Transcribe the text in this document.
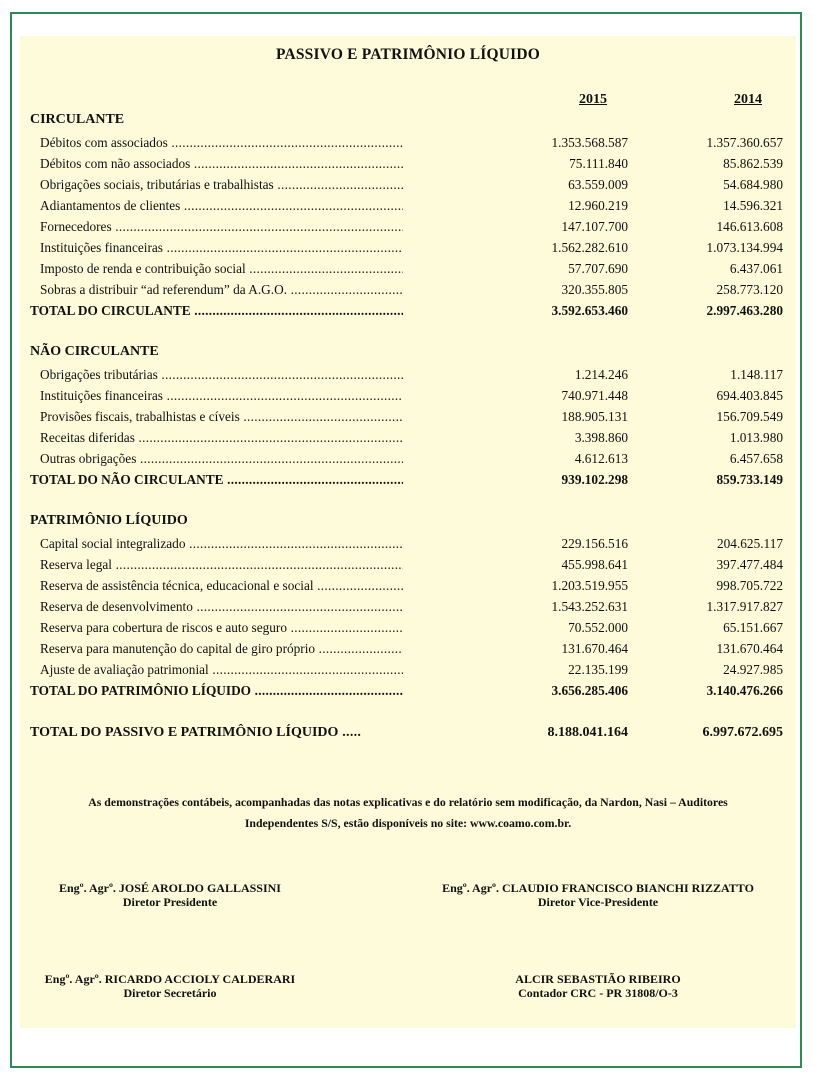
PASSIVO E PATRIMÔNIO LÍQUIDO
2015	2014
CIRCULANTE
Débitos com associados .....	1.353.568.587	1.357.360.657
Débitos com não associados .....	75.111.840	85.862.539
Obrigações sociais, tributárias e trabalhistas .....	63.559.009	54.684.980
Adiantamentos de clientes .....	12.960.219	14.596.321
Fornecedores .....	147.107.700	146.613.608
Instituições financeiras .....	1.562.282.610	1.073.134.994
Imposto de renda e contribuição social .....	57.707.690	6.437.061
Sobras a distribuir “ad referendum” da A.G.O. .....	320.355.805	258.773.120
TOTAL DO CIRCULANTE .....	3.592.653.460	2.997.463.280
NÃO CIRCULANTE
Obrigações tributárias .....	1.214.246	1.148.117
Instituições financeiras .....	740.971.448	694.403.845
Provisões fiscais, trabalhistas e cíveis .....	188.905.131	156.709.549
Receitas diferidas .....	3.398.860	1.013.980
Outras obrigações .....	4.612.613	6.457.658
TOTAL DO NÃO CIRCULANTE .....	939.102.298	859.733.149
PATRIMÔNIO LÍQUIDO
Capital social integralizado .....	229.156.516	204.625.117
Reserva legal .....	455.998.641	397.477.484
Reserva de assistência técnica, educacional e social .....	1.203.519.955	998.705.722
Reserva de desenvolvimento .....	1.543.252.631	1.317.917.827
Reserva para cobertura de riscos e auto seguro .....	70.552.000	65.151.667
Reserva para manutenção do capital de giro próprio .....	131.670.464	131.670.464
Ajuste de avaliação patrimonial .....	22.135.199	24.927.985
TOTAL DO PATRIMÔNIO LÍQUIDO .....	3.656.285.406	3.140.476.266
TOTAL DO PASSIVO E PATRIMÔNIO LÍQUIDO .....	8.188.041.164	6.997.672.695
As demonstrações contábeis, acompanhadas das notas explicativas e do relatório sem modificação, da Nardon, Nasi – Auditores Independentes S/S, estão disponíveis no site: www.coamo.com.br.
Engº. Agrº. JOSÉ AROLDO GALLASSINI
Diretor Presidente
Engº. Agrº. CLAUDIO FRANCISCO BIANCHI RIZZATTO
Diretor Vice-Presidente
Engº. Agrº. RICARDO ACCIOLY CALDERARI
Diretor Secretário
ALCIR SEBASTIÃO RIBEIRO
Contador CRC - PR 31808/O-3
